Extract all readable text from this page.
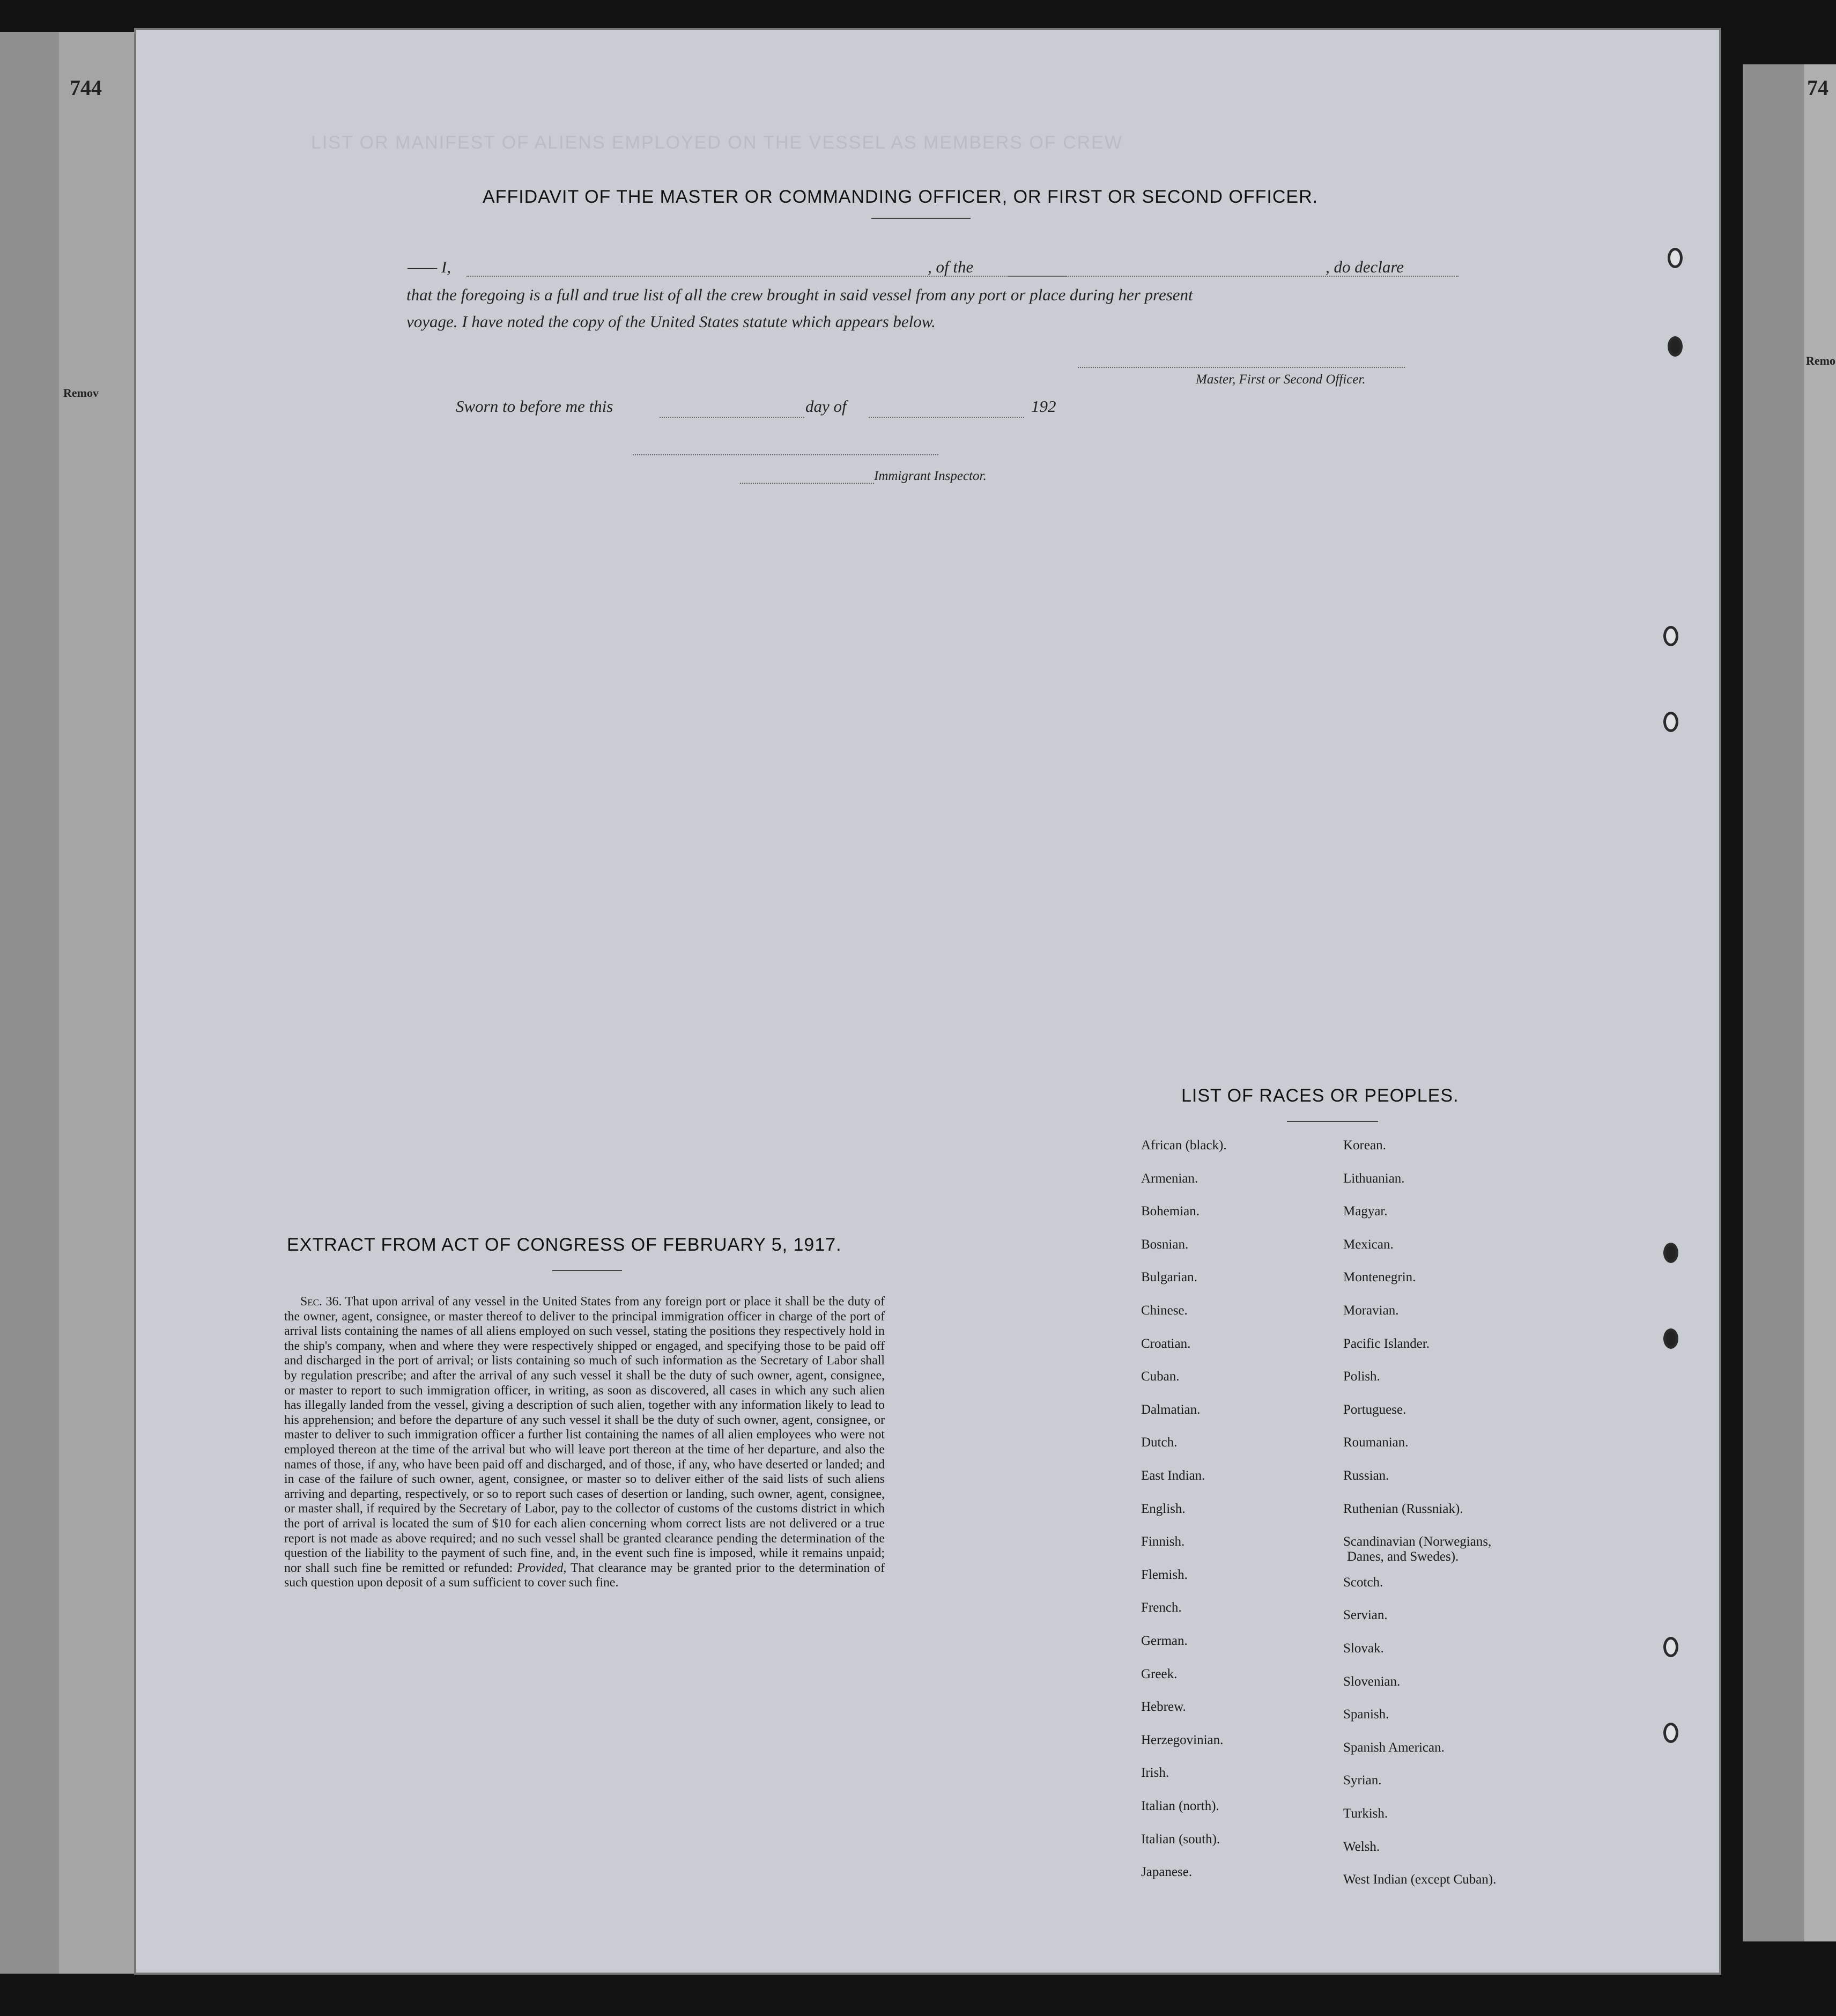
744
Remov
74
Remo
LIST OR MANIFEST OF ALIENS EMPLOYED ON THE VESSEL AS MEMBERS OF CREW
AFFIDAVIT OF THE MASTER OR COMMANDING OFFICER, OR FIRST OR SECOND OFFICER.
—— I,	, of the	, do declare
that the foregoing is a full and true list of all the crew brought in said vessel from any port or place during her present
voyage. I have noted the copy of the United States statute which appears below.
Master, First or Second Officer.
Sworn to before me this	day of	192
Immigrant Inspector.
EXTRACT FROM ACT OF CONGRESS OF FEBRUARY 5, 1917.
Sec. 36. That upon arrival of any vessel in the United States from any foreign port or place it shall be the duty of the owner, agent, consignee, or master thereof to deliver to the principal immigration officer in charge of the port of arrival lists containing the names of all aliens employed on such vessel, stating the positions they respectively hold in the ship's company, when and where they were respectively shipped or engaged, and specifying those to be paid off and discharged in the port of arrival; or lists containing so much of such information as the Secretary of Labor shall by regulation prescribe; and after the arrival of any such vessel it shall be the duty of such owner, agent, consignee, or master to report to such immigration officer, in writing, as soon as discovered, all cases in which any such alien has illegally landed from the vessel, giving a description of such alien, together with any information likely to lead to his apprehension; and before the departure of any such vessel it shall be the duty of such owner, agent, consignee, or master to deliver to such immigration officer a further list containing the names of all alien employees who were not employed thereon at the time of the arrival but who will leave port thereon at the time of her departure, and also the names of those, if any, who have been paid off and discharged, and of those, if any, who have deserted or landed; and in case of the failure of such owner, agent, consignee, or master so to deliver either of the said lists of such aliens arriving and departing, respectively, or so to report such cases of desertion or landing, such owner, agent, consignee, or master shall, if required by the Secretary of Labor, pay to the collector of customs of the customs district in which the port of arrival is located the sum of $10 for each alien concerning whom correct lists are not delivered or a true report is not made as above required; and no such vessel shall be granted clearance pending the determination of the question of the liability to the payment of such fine, and, in the event such fine is imposed, while it remains unpaid; nor shall such fine be remitted or refunded: Provided, That clearance may be granted prior to the determination of such question upon deposit of a sum sufficient to cover such fine.
LIST OF RACES OR PEOPLES.
African (black).
Armenian.
Bohemian.
Bosnian.
Bulgarian.
Chinese.
Croatian.
Cuban.
Dalmatian.
Dutch.
East Indian.
English.
Finnish.
Flemish.
French.
German.
Greek.
Hebrew.
Herzegovinian.
Irish.
Italian (north).
Italian (south).
Japanese.
Korean.
Lithuanian.
Magyar.
Mexican.
Montenegrin.
Moravian.
Pacific Islander.
Polish.
Portuguese.
Roumanian.
Russian.
Ruthenian (Russniak).
Scandinavian (Norwegians,
Danes, and Swedes).
Scotch.
Servian.
Slovak.
Slovenian.
Spanish.
Spanish American.
Syrian.
Turkish.
Welsh.
West Indian (except Cuban).
